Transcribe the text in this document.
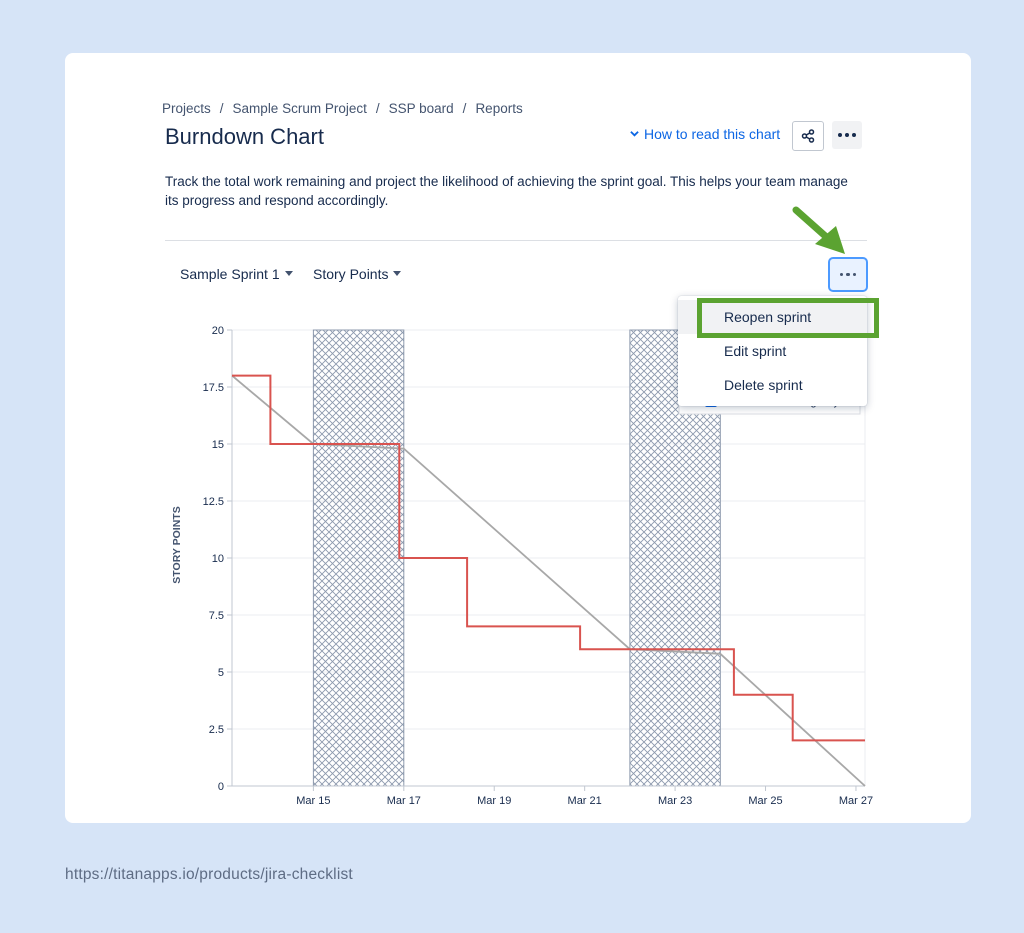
Projects / Sample Scrum Project / SSP board / Reports
Burndown Chart	How to read this chart
Track the total work remaining and project the likelihood of achieving the sprint goal. This helps your team manage its progress and respond accordingly.
Sample Sprint 1	Story Points
0
2.5
5
7.5
10
12.5
15
17.5
20
Mar 15	Mar 17	Mar 19	Mar 21	Mar 23	Mar 25	Mar 27
STORY POINTS
Reopen sprint
Edit sprint
Delete sprint
https://titanapps.io/products/jira-checklist
